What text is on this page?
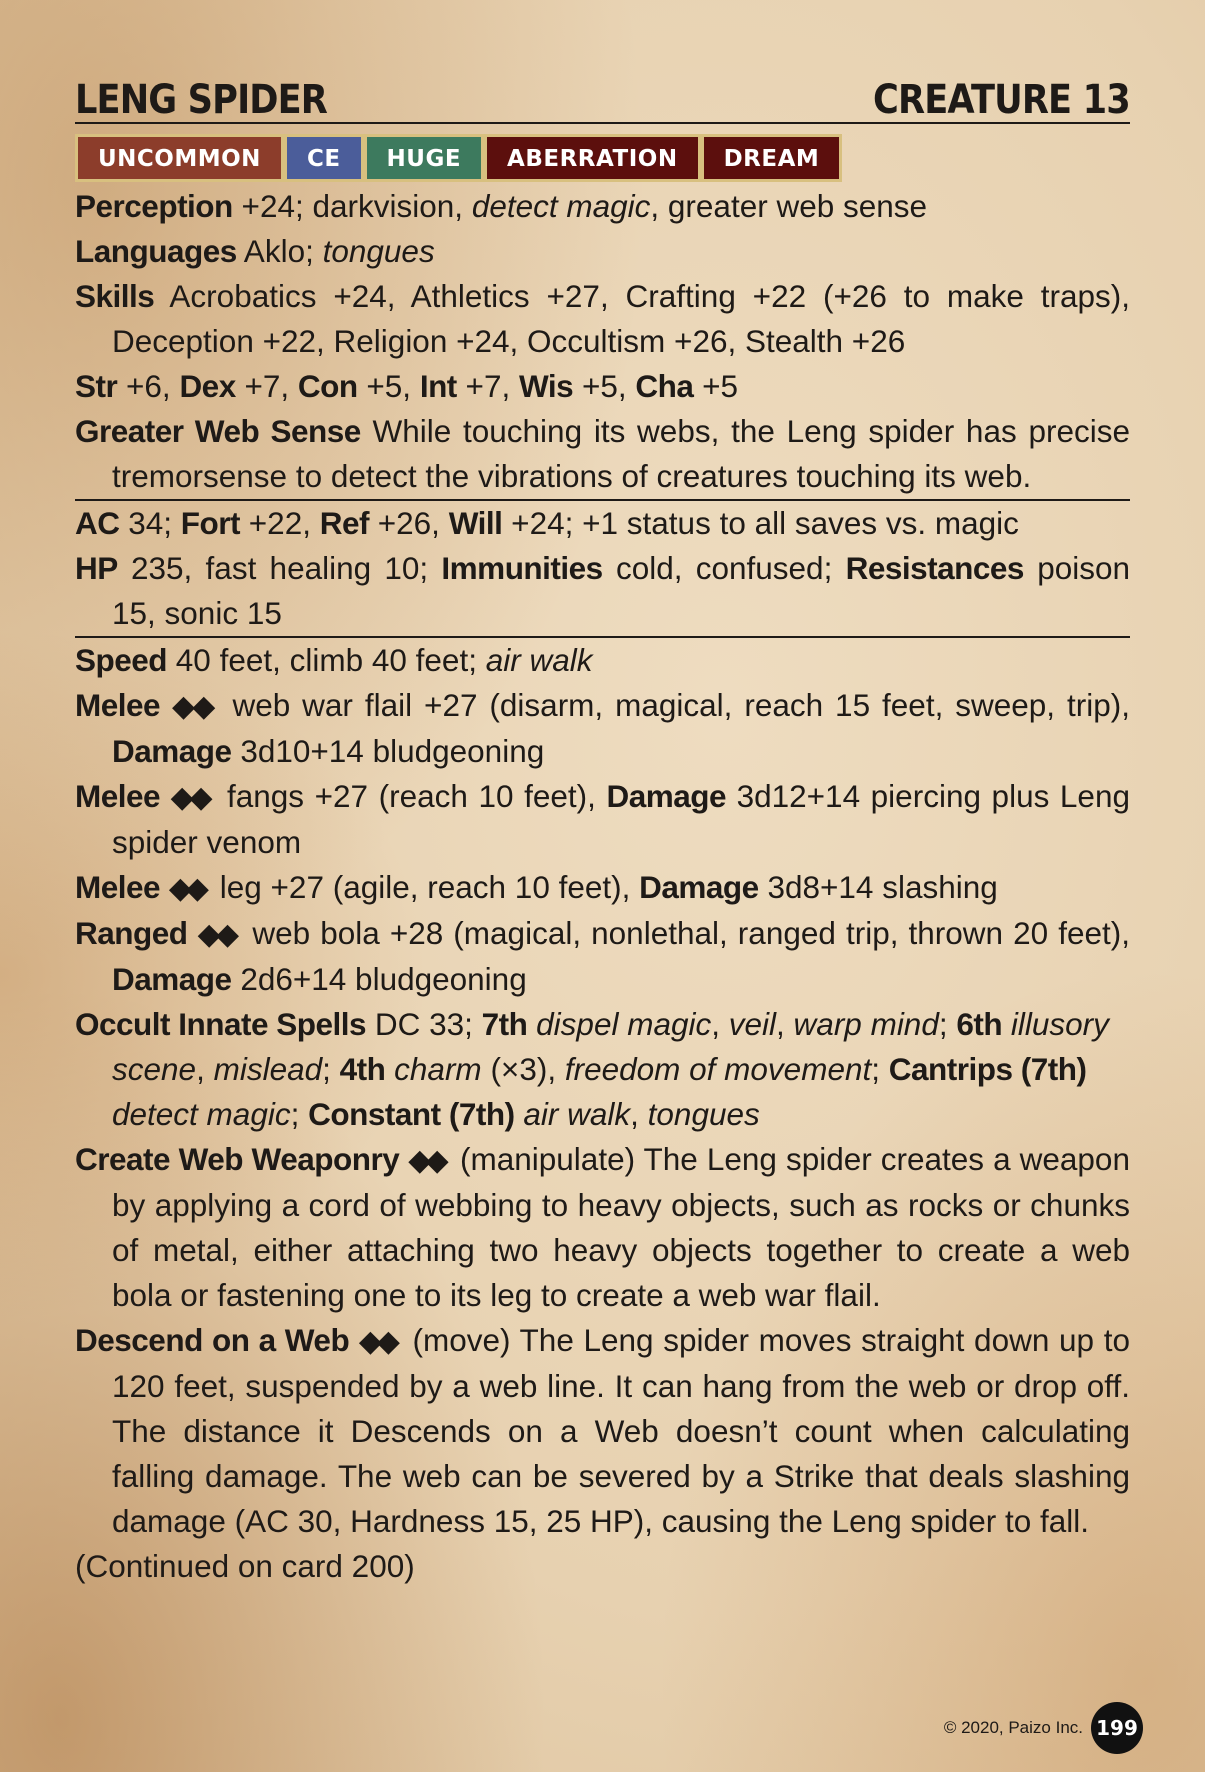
LENG SPIDER	CREATURE 13
UNCOMMON	CE	HUGE	ABERRATION	DREAM
Perception +24; darkvision, detect magic, greater web sense
Languages Aklo; tongues
Skills Acrobatics +24, Athletics +27, Crafting +22 (+26 to make traps), Deception +22, Religion +24, Occultism +26, Stealth +26
Str +6, Dex +7, Con +5, Int +7, Wis +5, Cha +5
Greater Web Sense While touching its webs, the Leng spider has precise tremorsense to detect the vibrations of creatures touching its web.
AC 34; Fort +22, Ref +26, Will +24; +1 status to all saves vs. magic
HP 235, fast healing 10; Immunities cold, confused; Resistances poison 15, sonic 15
Speed 40 feet, climb 40 feet; air walk
Melee ◆◆ web war flail +27 (disarm, magical, reach 15 feet, sweep, trip), Damage 3d10+14 bludgeoning
Melee ◆◆ fangs +27 (reach 10 feet), Damage 3d12+14 piercing plus Leng spider venom
Melee ◆◆ leg +27 (agile, reach 10 feet), Damage 3d8+14 slashing
Ranged ◆◆ web bola +28 (magical, nonlethal, ranged trip, thrown 20 feet), Damage 2d6+14 bludgeoning
Occult Innate Spells DC 33; 7th dispel magic, veil, warp mind; 6th illusory scene, mislead; 4th charm (×3), freedom of movement; Cantrips (7th) detect magic; Constant (7th) air walk, tongues
Create Web Weaponry ◆◆ (manipulate) The Leng spider creates a weapon by applying a cord of webbing to heavy objects, such as rocks or chunks of metal, either attaching two heavy objects together to create a web bola or fastening one to its leg to create a web war flail.
Descend on a Web ◆◆ (move) The Leng spider moves straight down up to 120 feet, suspended by a web line. It can hang from the web or drop off. The distance it Descends on a Web doesn’t count when calculating falling damage. The web can be severed by a Strike that deals slashing damage (AC 30, Hardness 15, 25 HP), causing the Leng spider to fall.
(Continued on card 200)
© 2020, Paizo Inc. 199
